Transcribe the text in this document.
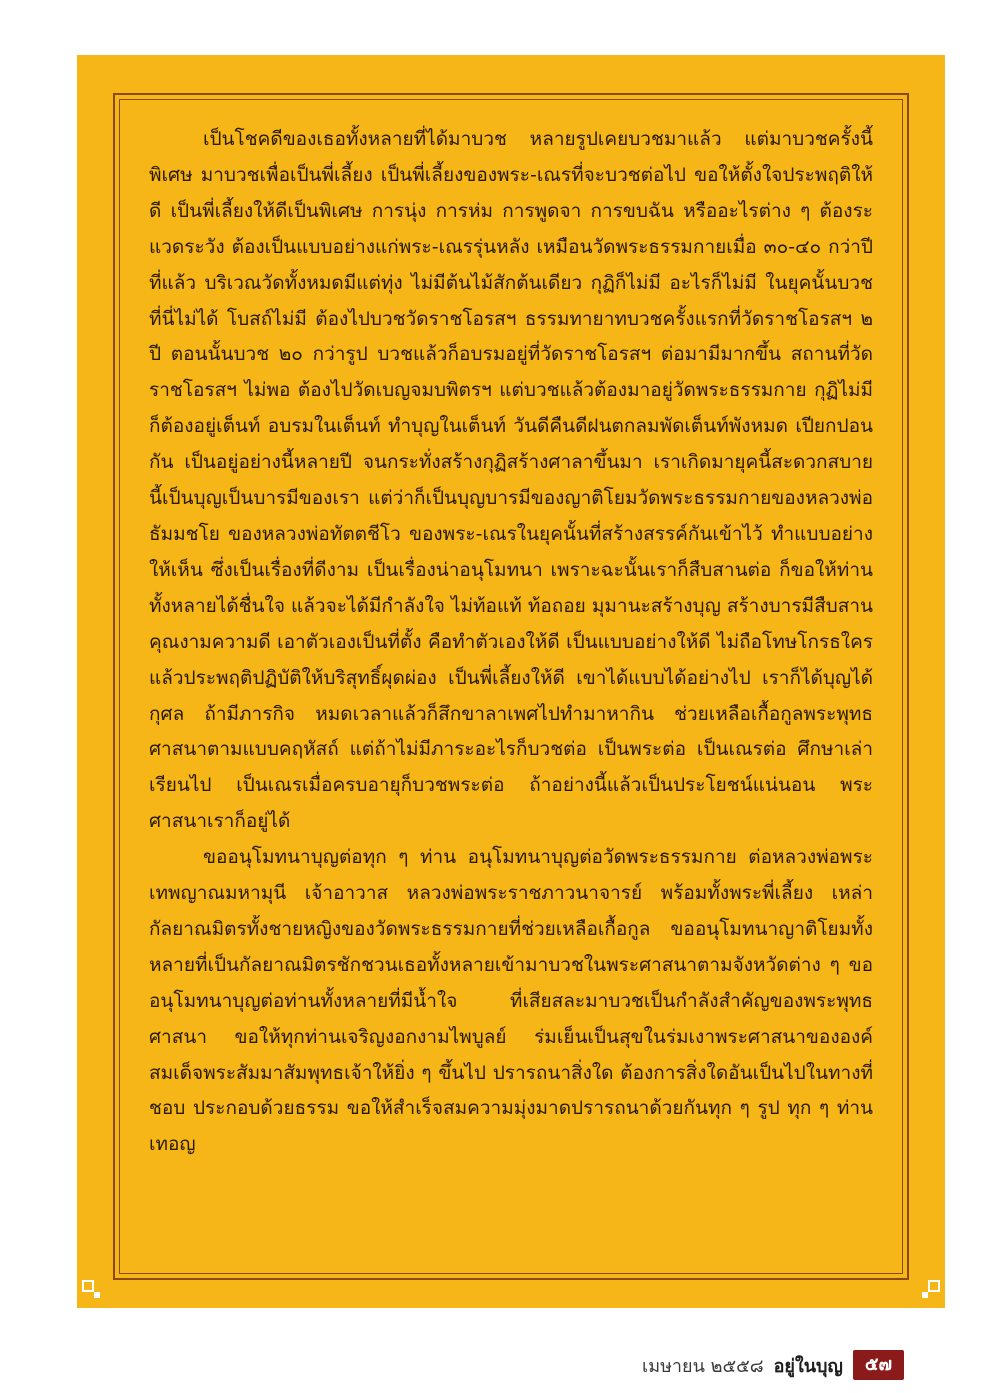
เป็นโชคดีของเธอทั้งหลายที่ได้มาบวช หลายรูปเคยบวชมาแล้ว แต่มาบวชครั้งนี้พิเศษ มาบวชเพื่อเป็นพี่เลี้ยง เป็นพี่เลี้ยงของพระ-เณรที่จะบวชต่อไป ขอให้ตั้งใจประพฤติให้ดี เป็นพี่เลี้ยงให้ดีเป็นพิเศษ การนุ่ง การห่ม การพูดจา การขบฉัน หรืออะไรต่าง ๆ ต้องระแวดระวัง ต้องเป็นแบบอย่างแก่พระ-เณรรุ่นหลัง เหมือนวัดพระธรรมกายเมื่อ ๓๐-๔๐ กว่าปีที่แล้ว บริเวณวัดทั้งหมดมีแต่ทุ่ง ไม่มีต้นไม้สักต้นเดียว กุฏิก็ไม่มี อะไรก็ไม่มี ในยุคนั้นบวชที่นี่ไม่ได้ โบสถ์ไม่มี ต้องไปบวชวัดราชโอรสฯ ธรรมทายาทบวชครั้งแรกที่วัดราชโอรสฯ ๒ ปี ตอนนั้นบวช ๒๐ กว่ารูป บวชแล้วก็อบรมอยู่ที่วัดราชโอรสฯ ต่อมามีมากขึ้น สถานที่วัดราชโอรสฯ ไม่พอ ต้องไปวัดเบญจมบพิตรฯ แต่บวชแล้วต้องมาอยู่วัดพระธรรมกาย กุฏิไม่มีก็ต้องอยู่เต็นท์ อบรมในเต็นท์ ทำบุญในเต็นท์ วันดีคืนดีฝนตกลมพัดเต็นท์พังหมด เปียกปอนกัน เป็นอยู่อย่างนี้หลายปี จนกระทั่งสร้างกุฏิสร้างศาลาขึ้นมา เราเกิดมายุคนี้สะดวกสบาย นี้เป็นบุญเป็นบารมีของเรา แต่ว่าก็เป็นบุญบารมีของญาติโยมวัดพระธรรมกายของหลวงพ่อธัมมชโย ของหลวงพ่อทัตตชีโว ของพระ-เณรในยุคนั้นที่สร้างสรรค์กันเข้าไว้ ทำแบบอย่างให้เห็น ซึ่งเป็นเรื่องที่ดีงาม เป็นเรื่องน่าอนุโมทนา เพราะฉะนั้นเราก็สืบสานต่อ ก็ขอให้ท่านทั้งหลายได้ชื่นใจ แล้วจะได้มีกำลังใจ ไม่ท้อแท้ ท้อถอย มุมานะสร้างบุญ สร้างบารมีสืบสานคุณงามความดี เอาตัวเองเป็นที่ตั้ง คือทำตัวเองให้ดี เป็นแบบอย่างให้ดี ไม่ถือโทษโกรธใคร แล้วประพฤติปฏิบัติให้บริสุทธิ์ผุดผ่อง เป็นพี่เลี้ยงให้ดี เขาได้แบบได้อย่างไป เราก็ได้บุญได้กุศล ถ้ามีภารกิจ หมดเวลาแล้วก็สึกขาลาเพศไปทำมาหากิน ช่วยเหลือเกื้อกูลพระพุทธศาสนาตามแบบคฤหัสถ์ แต่ถ้าไม่มีภาระอะไรก็บวชต่อ เป็นพระต่อ เป็นเณรต่อ ศึกษาเล่าเรียนไป เป็นเณรเมื่อครบอายุก็บวชพระต่อ ถ้าอย่างนี้แล้วเป็นประโยชน์แน่นอน พระศาสนาเราก็อยู่ได้

ขออนุโมทนาบุญต่อทุก ๆ ท่าน อนุโมทนาบุญต่อวัดพระธรรมกาย ต่อหลวงพ่อพระเทพญาณมหามุนี เจ้าอาวาส หลวงพ่อพระราชภาวนาจารย์ พร้อมทั้งพระพี่เลี้ยง เหล่ากัลยาณมิตรทั้งชายหญิงของวัดพระธรรมกายที่ช่วยเหลือเกื้อกูล ขออนุโมทนาญาติโยมทั้งหลายที่เป็นกัลยาณมิตรชักชวนเธอทั้งหลายเข้ามาบวชในพระศาสนาตามจังหวัดต่าง ๆ ขออนุโมทนาบุญต่อท่านทั้งหลายที่มีน้ำใจ ที่เสียสละมาบวชเป็นกำลังสำคัญของพระพุทธศาสนา ขอให้ทุกท่านเจริญงอกงามไพบูลย์ ร่มเย็นเป็นสุขในร่มเงาพระศาสนาขององค์สมเด็จพระสัมมาสัมพุทธเจ้าให้ยิ่ง ๆ ขึ้นไป ปรารถนาสิ่งใด ต้องการสิ่งใดอันเป็นไปในทางที่ชอบ ประกอบด้วยธรรม ขอให้สำเร็จสมความมุ่งมาดปรารถนาด้วยกันทุก ๆ รูป ทุก ๆ ท่านเทอญ

เมษายน ๒๕๕๘ อยู่ในบุญ	๕๗
